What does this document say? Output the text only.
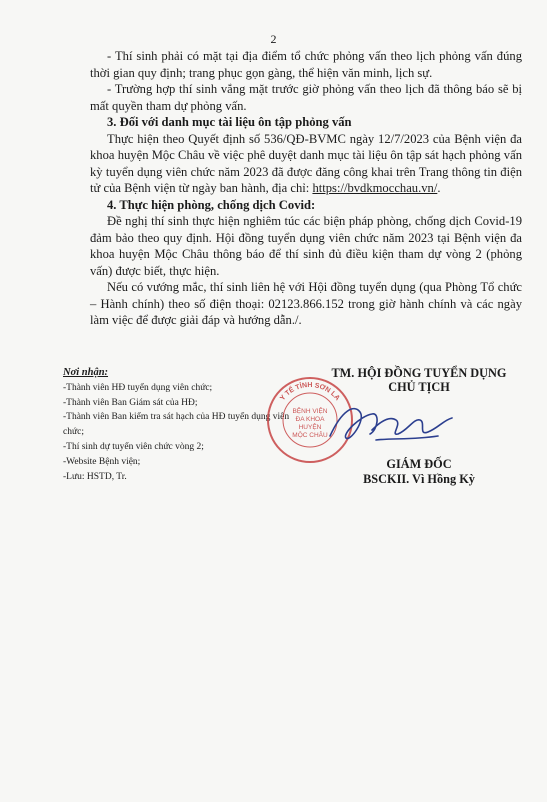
2

- Thí sinh phải có mặt tại địa điểm tổ chức phỏng vấn theo lịch phỏng vấn đúng thời gian quy định; trang phục gọn gàng, thể hiện văn minh, lịch sự.

- Trường hợp thí sinh vắng mặt trước giờ phỏng vấn theo lịch đã thông báo sẽ bị mất quyền tham dự phỏng vấn.

3. Đối với danh mục tài liệu ôn tập phỏng vấn

Thực hiện theo Quyết định số 536/QĐ-BVMC ngày 12/7/2023 của Bệnh viện đa khoa huyện Mộc Châu về việc phê duyệt danh mục tài liệu ôn tập sát hạch phỏng vấn kỳ tuyển dụng viên chức năm 2023 đã được đăng công khai trên Trang thông tin điện tử của Bệnh viện từ ngày ban hành, địa chỉ: https://bvdkmocchau.vn/.

4. Thực hiện phòng, chống dịch Covid:

Đề nghị thí sinh thực hiện nghiêm túc các biện pháp phòng, chống dịch Covid-19 đảm bảo theo quy định. Hội đồng tuyển dụng viên chức năm 2023 tại Bệnh viện đa khoa huyện Mộc Châu thông báo để thí sinh đủ điều kiện tham dự vòng 2 (phỏng vấn) được biết, thực hiện.

Nếu có vướng mắc, thí sinh liên hệ với Hội đồng tuyển dụng (qua Phòng Tổ chức – Hành chính) theo số điện thoại: 02123.866.152 trong giờ hành chính và các ngày làm việc để được giải đáp và hướng dẫn./.

Nơi nhận:
-Thành viên HĐ tuyển dụng viên chức;
-Thành viên Ban Giám sát của HĐ;
-Thành viên Ban kiểm tra sát hạch của HĐ tuyển dụng viên chức;
-Thí sinh dự tuyển viên chức vòng 2;
-Website Bệnh viện;
-Lưu: HSTD, Tr.
TM. HỘI ĐỒNG TUYỂN DỤNG
CHỦ TỊCH
GIÁM ĐỐC
BSCKII. Vì Hồng Kỳ
Y TẾ TỈNH SƠN LA
BỆNH VIỆN
ĐA KHOA
HUYỆN
MỘC CHÂU
